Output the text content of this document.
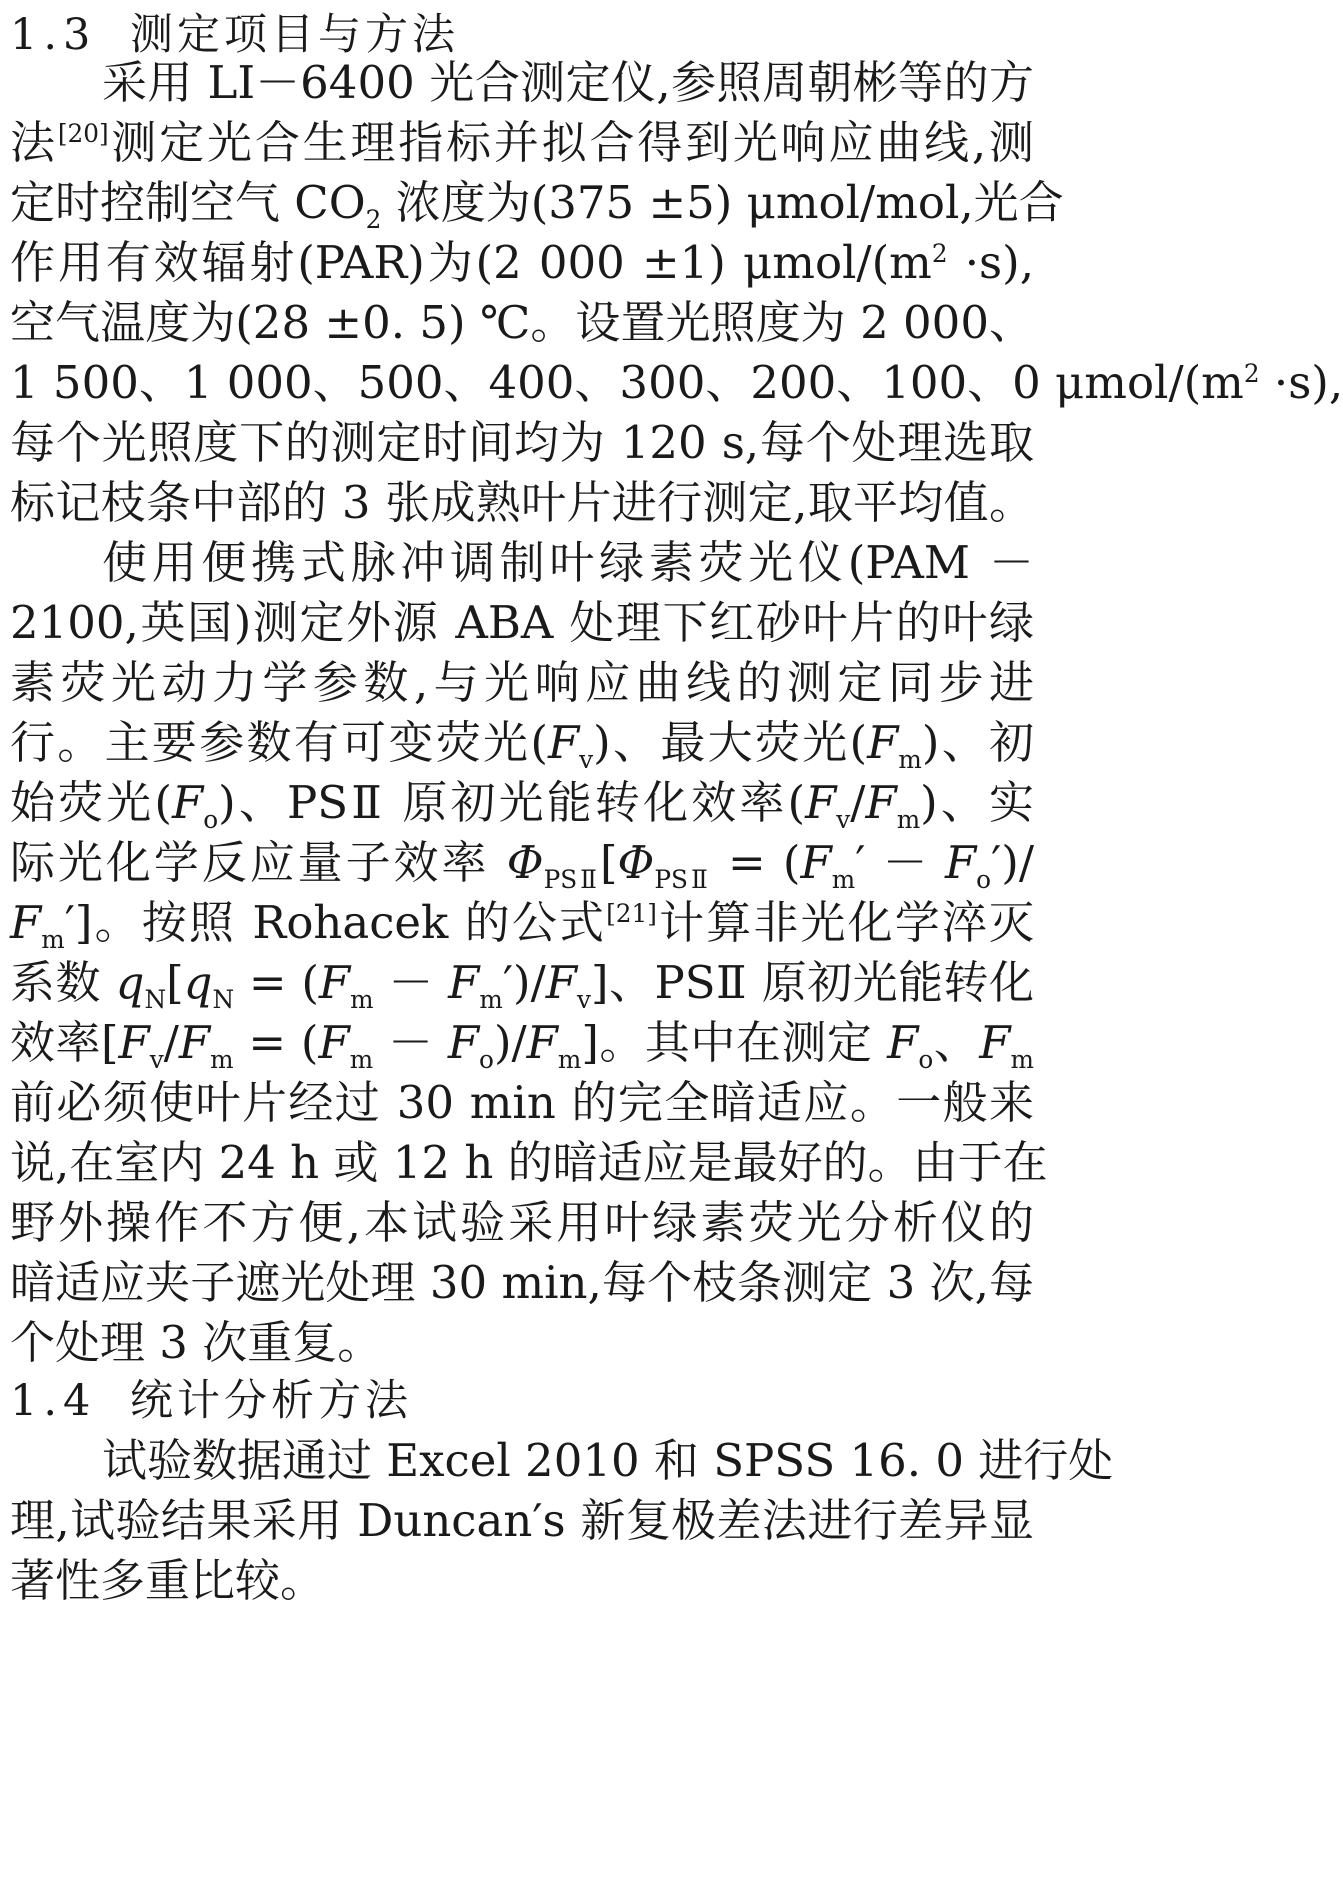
1.3 测定项目与方法
采用 LI－6400 光合测定仪,参照周朝彬等的方
法[20]测定光合生理指标并拟合得到光响应曲线,测
定时控制空气 $CO_2$ 浓度为(375 ±5) μmol/mol,光合
作用有效辐射(PAR)为(2 000 ±1) μmol/$(m^2 \cdot s)$,
空气温度为(28 ±0. 5) ℃。设置光照度为 2 000、
1 500、1 000、500、400、300、200、100、0 μmol/$(m^2 \cdot s)$,
每个光照度下的测定时间均为 120 s,每个处理选取
标记枝条中部的 3 张成熟叶片进行测定,取平均值。
使用便携式脉冲调制叶绿素荧光仪(PAM －
2100,英国)测定外源 ABA 处理下红砂叶片的叶绿
素荧光动力学参数,与光响应曲线的测定同步进
行。主要参数有可变荧光$(F_v)$、最大荧光$(F_m)$、初
始荧光$(F_o)$、PSⅡ 原初光能转化效率$(F_v/F_m)$、实
际光化学反应量子效率 $\Phi_{PSⅡ}[\Phi_{PSⅡ} = (F_m' - F_o')/$
$F_m'$]。按照 Rohacek 的公式[21]计算非光化学淬灭
系数 $q_N[q_N = (F_m - F_m')/F_v]$、PSⅡ 原初光能转化
效率$[F_v/F_m = (F_m - F_o)/F_m]$。其中在测定 $F_o$、$F_m$
前必须使叶片经过 30 min 的完全暗适应。一般来
说,在室内 24 h 或 12 h 的暗适应是最好的。由于在
野外操作不方便,本试验采用叶绿素荧光分析仪的
暗适应夹子遮光处理 30 min,每个枝条测定 3 次,每
个处理 3 次重复。
1.4 统计分析方法
试验数据通过 Excel 2010 和 SPSS 16. 0 进行处
理,试验结果采用 Duncan′s 新复极差法进行差异显
著性多重比较。
